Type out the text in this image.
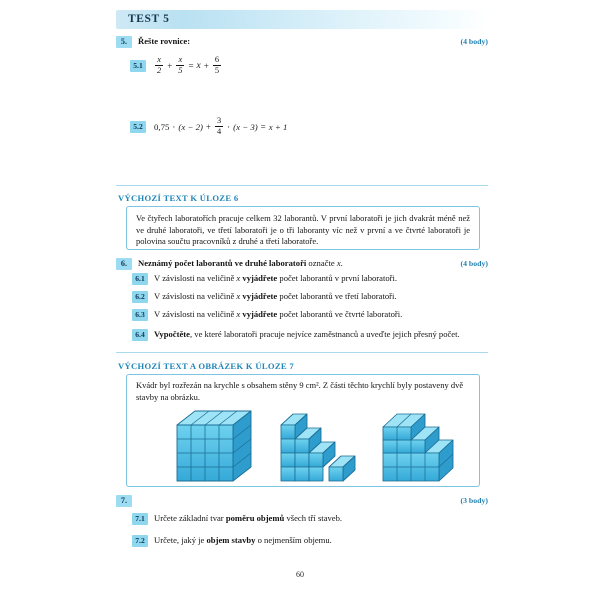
TEST 5
5.	Řešte rovnice:	(4 body)
5.1	$\frac{x}{2} + \frac{x}{5} = x + \frac{6}{5}$
5.2	$0,75 \cdot (x - 2) + \frac{3}{4} \cdot (x - 3) = x + 1$
VÝCHOZÍ TEXT K ÚLOZE 6

Ve čtyřech laboratořích pracuje celkem 32 laborantů. V první laboratoři je jich dvakrát méně než ve druhé laboratoři, ve třetí laboratoři je o tři laboranty víc než v první a ve čtvrté laboratoři je polovina součtu pracovníků z druhé a třetí laboratoře.

6.	Neznámý počet laborantů ve druhé laboratoři označte x.	(4 body)
6.1	V závislosti na veličině x vyjádřete počet laborantů v první laboratoři.
6.2	V závislosti na veličině x vyjádřete počet laborantů ve třetí laboratoři.
6.3	V závislosti na veličině x vyjádřete počet laborantů ve čtvrté laboratoři.
6.4	Vypočtěte, ve které laboratoři pracuje nejvíce zaměstnanců a uveďte jejich přesný počet.
VÝCHOZÍ TEXT A OBRÁZEK K ÚLOZE 7
Kvádr byl rozřezán na krychle s obsahem stěny 9 cm². Z části těchto krychlí byly postaveny dvě stavby na obrázku.
7.	(3 body)
7.1	Určete základní tvar poměru objemů všech tří staveb.
7.2	Určete, jaký je objem stavby o nejmenším objemu.
60
